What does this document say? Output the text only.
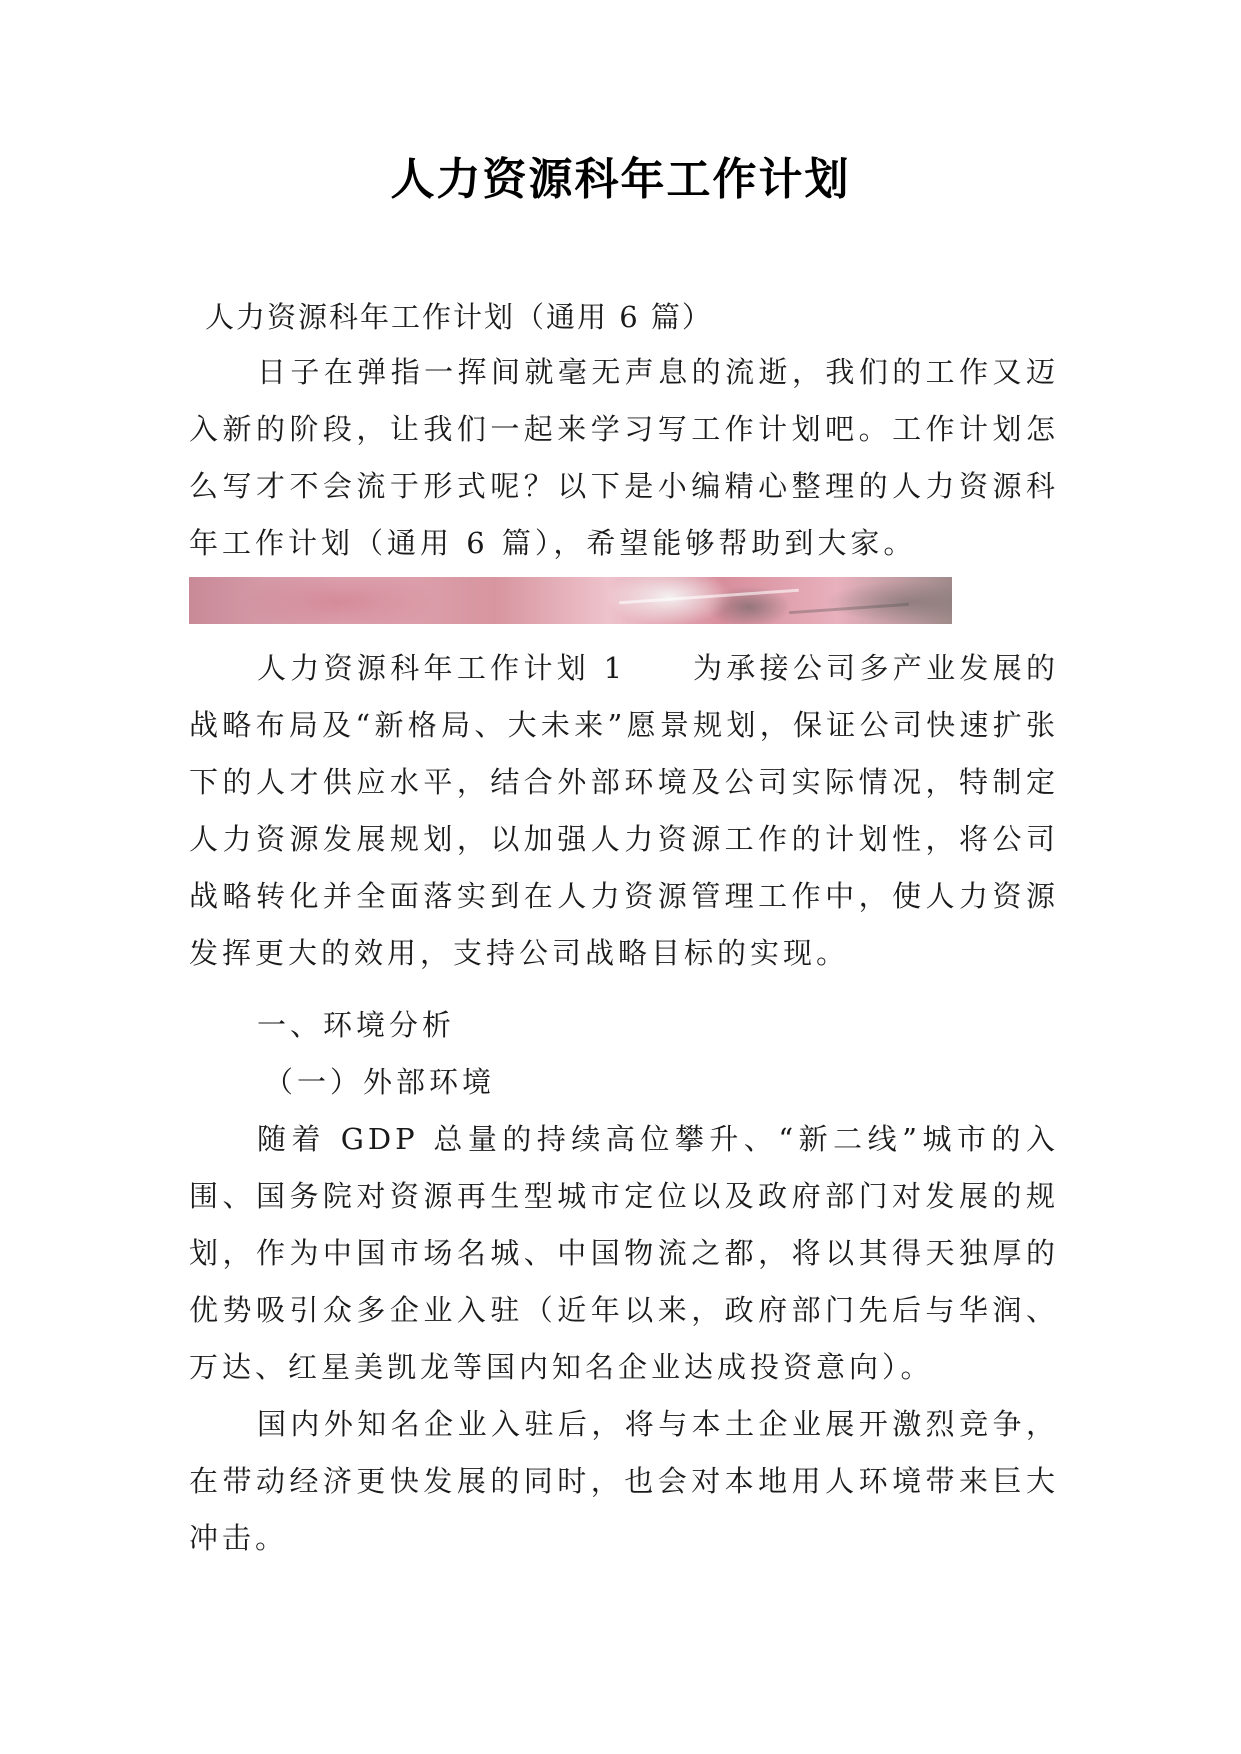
人力资源科年工作计划
人力资源科年工作计划（通用 6 篇）

日子在弹指一挥间就毫无声息的流逝，我们的工作又迈入新的阶段，让我们一起来学习写工作计划吧。工作计划怎么写才不会流于形式呢？以下是小编精心整理的人力资源科年工作计划（通用 6 篇），希望能够帮助到大家。

人力资源科年工作计划 1　　为承接公司多产业发展的战略布局及“新格局、大未来”愿景规划，保证公司快速扩张下的人才供应水平，结合外部环境及公司实际情况，特制定人力资源发展规划，以加强人力资源工作的计划性，将公司战略转化并全面落实到在人力资源管理工作中，使人力资源发挥更大的效用，支持公司战略目标的实现。

一、环境分析
（一）外部环境

随着 GDP 总量的持续高位攀升、“新二线”城市的入围、国务院对资源再生型城市定位以及政府部门对发展的规划，作为中国市场名城、中国物流之都，将以其得天独厚的优势吸引众多企业入驻（近年以来，政府部门先后与华润、万达、红星美凯龙等国内知名企业达成投资意向）。

国内外知名企业入驻后，将与本土企业展开激烈竞争，在带动经济更快发展的同时，也会对本地用人环境带来巨大冲击。
